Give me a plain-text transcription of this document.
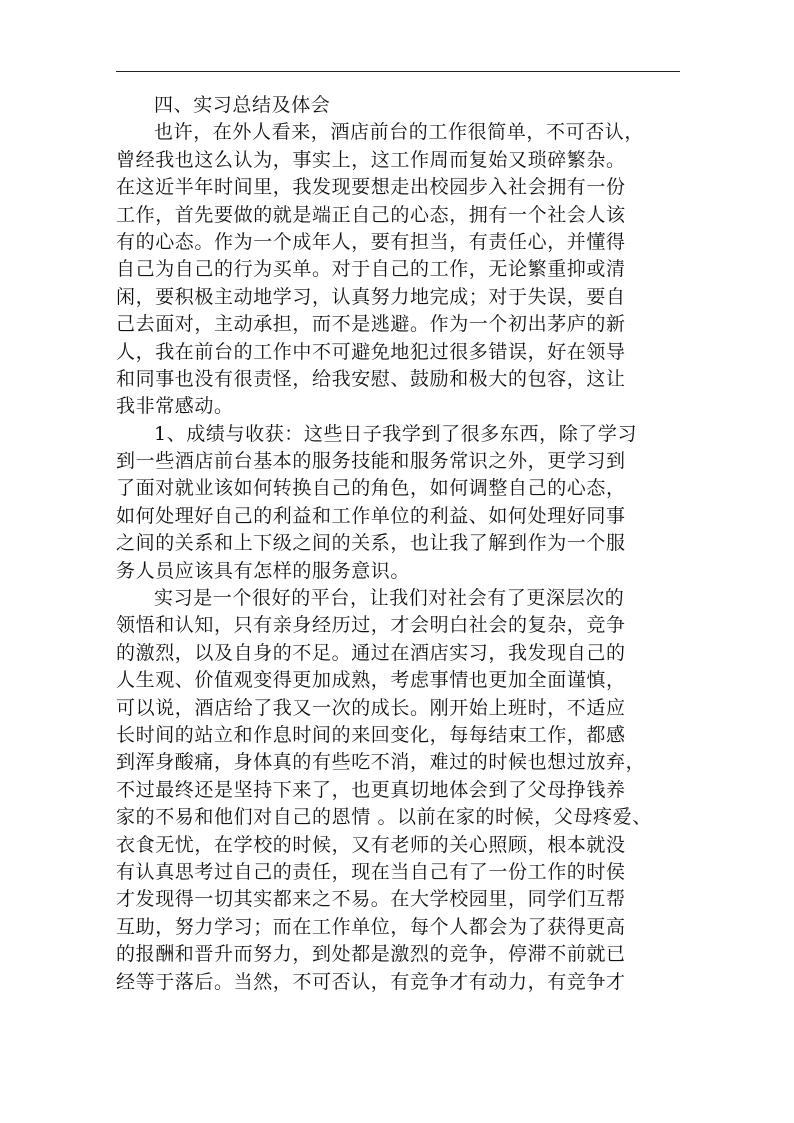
四、实习总结及体会
也许，在外人看来，酒店前台的工作很简单，不可否认，
曾经我也这么认为，事实上，这工作周而复始又琐碎繁杂。
在这近半年时间里，我发现要想走出校园步入社会拥有一份
工作，首先要做的就是端正自己的心态，拥有一个社会人该
有的心态。作为一个成年人，要有担当，有责任心，并懂得
自己为自己的行为买单。对于自己的工作，无论繁重抑或清
闲，要积极主动地学习，认真努力地完成；对于失误，要自
己去面对，主动承担，而不是逃避。作为一个初出茅庐的新
人，我在前台的工作中不可避免地犯过很多错误，好在领导
和同事也没有很责怪，给我安慰、鼓励和极大的包容，这让
我非常感动。
1、成绩与收获：这些日子我学到了很多东西，除了学习
到一些酒店前台基本的服务技能和服务常识之外，更学习到
了面对就业该如何转换自己的角色，如何调整自己的心态，
如何处理好自己的利益和工作单位的利益、如何处理好同事
之间的关系和上下级之间的关系，也让我了解到作为一个服
务人员应该具有怎样的服务意识。
实习是一个很好的平台，让我们对社会有了更深层次的
领悟和认知，只有亲身经历过，才会明白社会的复杂，竞争
的激烈，以及自身的不足。通过在酒店实习，我发现自己的
人生观、价值观变得更加成熟，考虑事情也更加全面谨慎，
可以说，酒店给了我又一次的成长。刚开始上班时，不适应
长时间的站立和作息时间的来回变化，每每结束工作，都感
到浑身酸痛，身体真的有些吃不消，难过的时候也想过放弃，
不过最终还是坚持下来了，也更真切地体会到了父母挣钱养
家的不易和他们对自己的恩情 。以前在家的时候，父母疼爱、
衣食无忧，在学校的时候，又有老师的关心照顾，根本就没
有认真思考过自己的责任，现在当自己有了一份工作的时侯
才发现得一切其实都来之不易。在大学校园里，同学们互帮
互助，努力学习；而在工作单位，每个人都会为了获得更高
的报酬和晋升而努力，到处都是激烈的竞争，停滞不前就已
经等于落后。当然，不可否认，有竞争才有动力，有竞争才
